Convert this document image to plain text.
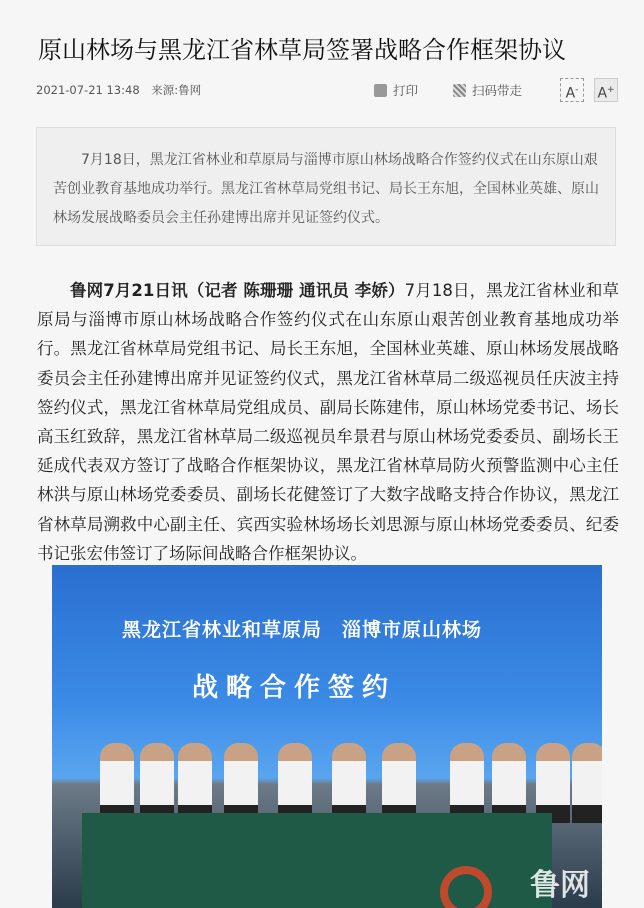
原山林场与黑龙江省林草局签署战略合作框架协议
2021-07-21 13:48 来源:鲁网	打印	扫码带走	A-	A+
7月18日，黑龙江省林业和草原局与淄博市原山林场战略合作签约仪式在山东原山艰苦创业教育基地成功举行。黑龙江省林草局党组书记、局长王东旭，全国林业英雄、原山林场发展战略委员会主任孙建博出席并见证签约仪式。
鲁网7月21日讯（记者 陈珊珊 通讯员 李娇）7月18日，黑龙江省林业和草原局与淄博市原山林场战略合作签约仪式在山东原山艰苦创业教育基地成功举行。黑龙江省林草局党组书记、局长王东旭，全国林业英雄、原山林场发展战略委员会主任孙建博出席并见证签约仪式，黑龙江省林草局二级巡视员任庆波主持签约仪式，黑龙江省林草局党组成员、副局长陈建伟，原山林场党委书记、场长高玉红致辞，黑龙江省林草局二级巡视员牟景君与原山林场党委委员、副场长王延成代表双方签订了战略合作框架协议，黑龙江省林草局防火预警监测中心主任林洪与原山林场党委委员、副场长花健签订了大数字战略支持合作协议，黑龙江省林草局溯救中心副主任、宾西实验林场场长刘思源与原山林场党委委员、纪委书记张宏伟签订了场际间战略合作框架协议。
黑龙江省林业和草原局　淄博市原山林场
战略合作签约
鲁网
